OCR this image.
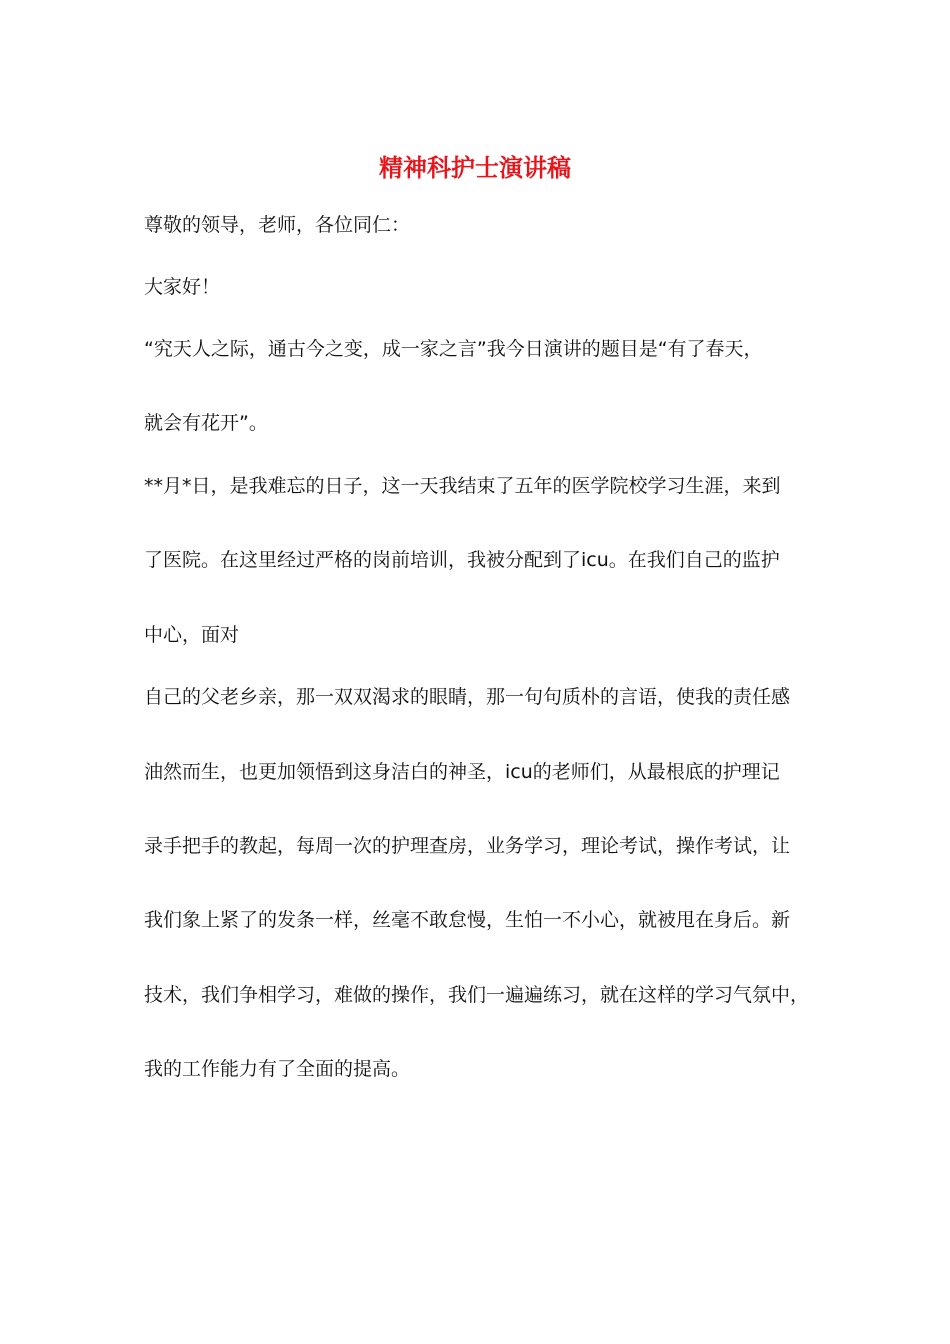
精神科护士演讲稿
尊敬的领导，老师，各位同仁：
大家好！
“究天人之际，通古今之变，成一家之言”我今日演讲的题目是“有了春天，
就会有花开”。
**月*日，是我难忘的日子，这一天我结束了五年的医学院校学习生涯，来到
了医院。在这里经过严格的岗前培训，我被分配到了icu。在我们自己的监护
中心，面对
自己的父老乡亲，那一双双渴求的眼睛，那一句句质朴的言语，使我的责任感
油然而生，也更加领悟到这身洁白的神圣，icu的老师们，从最根底的护理记
录手把手的教起，每周一次的护理查房，业务学习，理论考试，操作考试，让
我们象上紧了的发条一样，丝毫不敢怠慢，生怕一不小心，就被甩在身后。新
技术，我们争相学习，难做的操作，我们一遍遍练习，就在这样的学习气氛中，
我的工作能力有了全面的提高。
